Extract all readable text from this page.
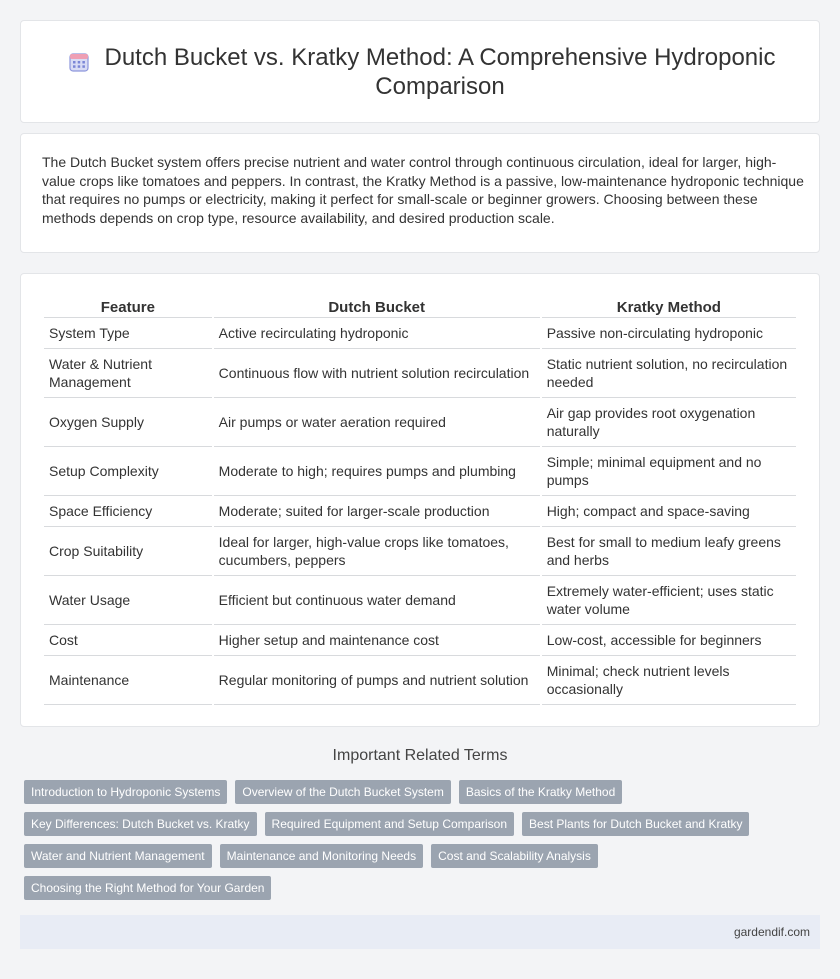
Dutch Bucket vs. Kratky Method: A Comprehensive Hydroponic Comparison

The Dutch Bucket system offers precise nutrient and water control through continuous circulation, ideal for larger, high-value crops like tomatoes and peppers. In contrast, the Kratky Method is a passive, low-maintenance hydroponic technique that requires no pumps or electricity, making it perfect for small-scale or beginner growers. Choosing between these methods depends on crop type, resource availability, and desired production scale.

Feature	Dutch Bucket	Kratky Method
System Type	Active recirculating hydroponic	Passive non-circulating hydroponic
Water & Nutrient Management	Continuous flow with nutrient solution recirculation	Static nutrient solution, no recirculation needed
Oxygen Supply	Air pumps or water aeration required	Air gap provides root oxygenation naturally
Setup Complexity	Moderate to high; requires pumps and plumbing	Simple; minimal equipment and no pumps
Space Efficiency	Moderate; suited for larger-scale production	High; compact and space-saving
Crop Suitability	Ideal for larger, high-value crops like tomatoes, cucumbers, peppers	Best for small to medium leafy greens and herbs
Water Usage	Efficient but continuous water demand	Extremely water-efficient; uses static water volume
Cost	Higher setup and maintenance cost	Low-cost, accessible for beginners
Maintenance	Regular monitoring of pumps and nutrient solution	Minimal; check nutrient levels occasionally
Important Related Terms
Introduction to Hydroponic Systems	Overview of the Dutch Bucket System	Basics of the Kratky Method
Key Differences: Dutch Bucket vs. Kratky	Required Equipment and Setup Comparison	Best Plants for Dutch Bucket and Kratky
Water and Nutrient Management	Maintenance and Monitoring Needs	Cost and Scalability Analysis
Choosing the Right Method for Your Garden
gardendif.com
